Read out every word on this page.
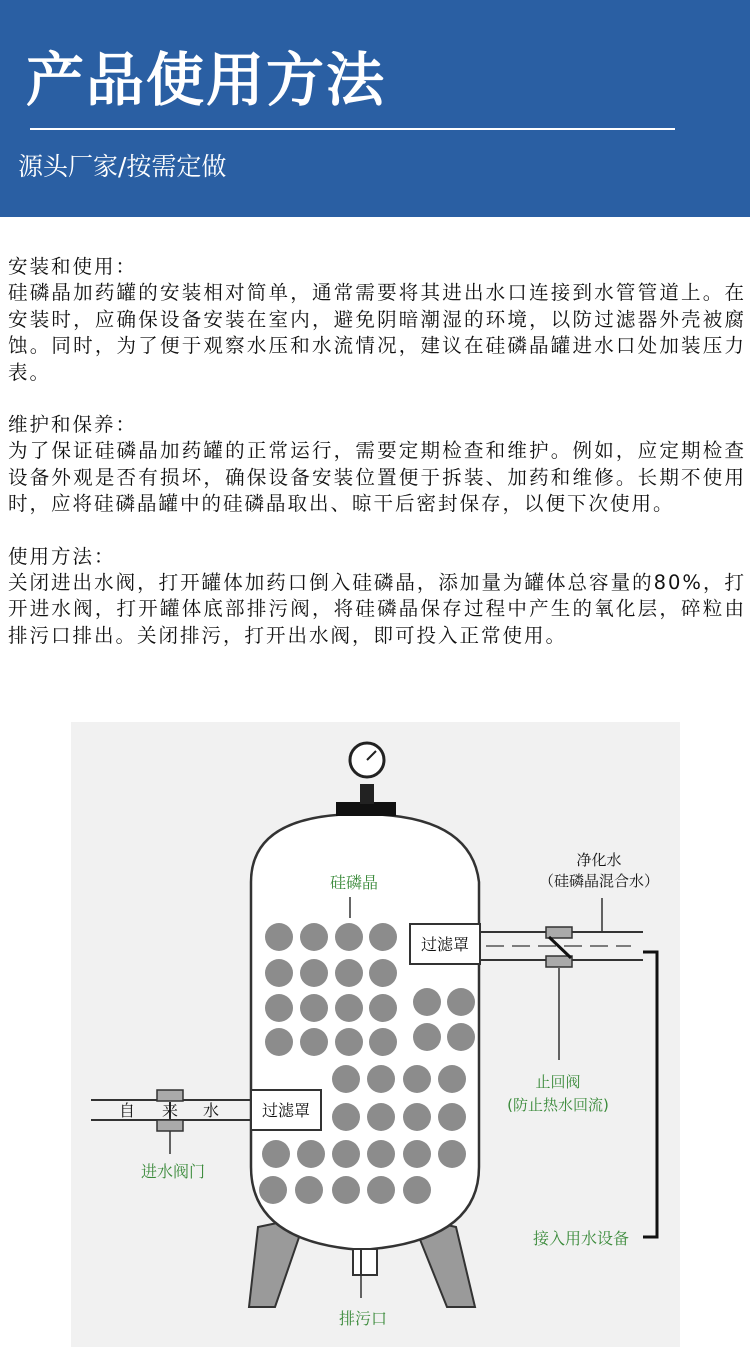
产品使用方法

源头厂家/按需定做

安装和使用：

硅磷晶加药罐的安装相对简单，通常需要将其进出水口连接到水管管道上。在安装时，应确保设备安装在室内，避免阴暗潮湿的环境，以防过滤器外壳被腐蚀。同时，为了便于观察水压和水流情况，建议在硅磷晶罐进水口处加装压力表。

维护和保养：

为了保证硅磷晶加药罐的正常运行，需要定期检查和维护。例如，应定期检查设备外观是否有损坏，确保设备安装位置便于拆装、加药和维修。长期不使用时，应将硅磷晶罐中的硅磷晶取出、晾干后密封保存，以便下次使用。

使用方法：

关闭进出水阀，打开罐体加药口倒入硅磷晶，添加量为罐体总容量的80%，打开进水阀，打开罐体底部排污阀，将硅磷晶保存过程中产生的氧化层，碎粒由排污口排出。关闭排污，打开出水阀，即可投入正常使用。

硅磷晶
过滤罩
过滤罩
净化水
（硅磷晶混合水）
自 来 水
止回阀
(防止热水回流)
进水阀门
接入用水设备
排污口
